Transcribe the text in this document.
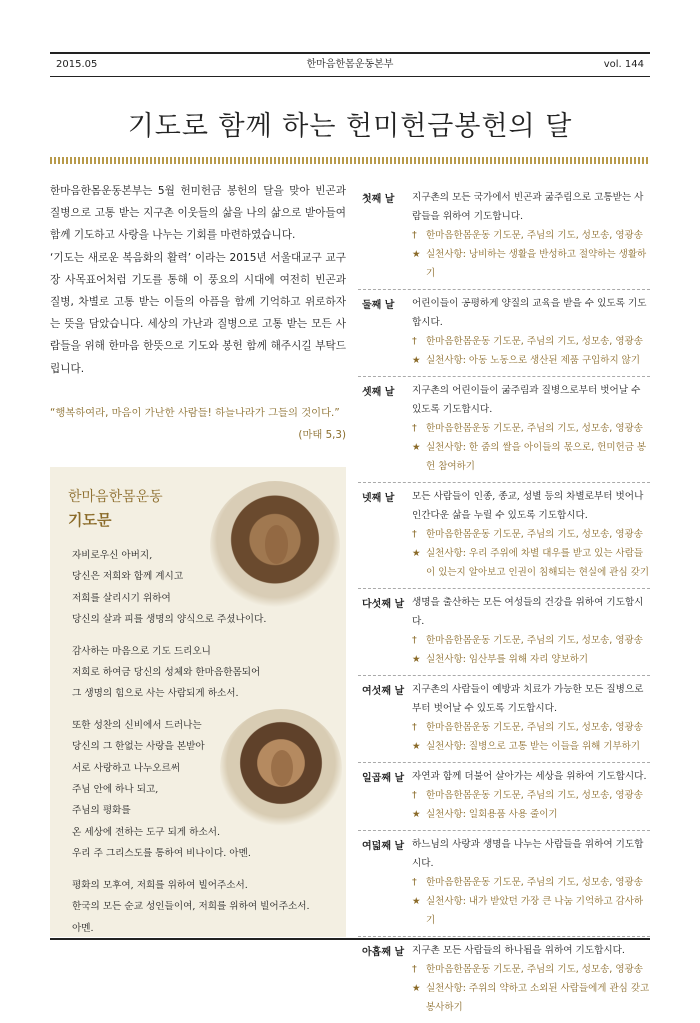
2015.05	한마음한몸운동본부	vol. 144
기도로 함께 하는 헌미헌금봉헌의 달

한마음한몸운동본부는 5월 헌미헌금 봉헌의 달을 맞아 빈곤과 질병으로 고통 받는 지구촌 이웃들의 삶을 나의 삶으로 받아들여 함께 기도하고 사랑을 나누는 기회를 마련하였습니다.

‘기도는 새로운 복음화의 활력’ 이라는 2015년 서울대교구 교구장 사목표어처럼 기도를 통해 이 풍요의 시대에 여전히 빈곤과 질병, 차별로 고통 받는 이들의 아픔을 함께 기억하고 위로하자는 뜻을 담았습니다. 세상의 가난과 질병으로 고통 받는 모든 사람들을 위해 한마음 한뜻으로 기도와 봉헌 함께 해주시길 부탁드립니다.

“행복하여라, 마음이 가난한 사람들! 하늘나라가 그들의 것이다.”

(마태 5,3)

한마음한몸운동
기도문
자비로우신 아버지,
당신은 저희와 함께 계시고
저희를 살리시기 위하여
당신의 살과 피를 생명의 양식으로 주셨나이다.
감사하는 마음으로 기도 드리오니
저희로 하여금 당신의 성체와 한마음한몸되어
그 생명의 힘으로 사는 사람되게 하소서.
또한 성찬의 신비에서 드러나는
당신의 그 한없는 사랑을 본받아
서로 사랑하고 나누오르써
주님 안에 하나 되고,
주님의 평화를
온 세상에 전하는 도구 되게 하소서.
우리 주 그리스도를 통하여 비나이다. 아멘.
평화의 모후여, 저희를 위하여 빌어주소서.
한국의 모든 순교 성인들이여, 저희를 위하여 빌어주소서.
아멘.
첫째 날 지구촌의 모든 국가에서 빈곤과 굶주림으로 고통받는 사람들을 위하여 기도합니다.

† 한마음한몸운동 기도문, 주님의 기도, 성모송, 영광송
★ 실천사항: 낭비하는 생활을 반성하고 절약하는 생활하기
둘째 날 어린이들이 공평하게 양질의 교육을 받을 수 있도록 기도합시다.

† 한마음한몸운동 기도문, 주님의 기도, 성모송, 영광송
★ 실천사항: 아동 노동으로 생산된 제품 구입하지 않기
셋째 날 지구촌의 어린이들이 굶주림과 질병으로부터 벗어날 수 있도록 기도합시다.

† 한마음한몸운동 기도문, 주님의 기도, 성모송, 영광송
★ 실천사항: 한 줌의 쌀을 아이들의 몫으로, 헌미헌금 봉헌 참여하기
넷째 날 모든 사람들이 인종, 종교, 성별 등의 차별로부터 벗어나 인간다운 삶을 누릴 수 있도록 기도합시다.

† 한마음한몸운동 기도문, 주님의 기도, 성모송, 영광송
★ 실천사항: 우리 주위에 차별 대우를 받고 있는 사람들이 있는지 알아보고 인권이 침해되는 현실에 관심 갖기
다섯째 날 생명을 출산하는 모든 여성들의 건강을 위하여 기도합시다.

† 한마음한몸운동 기도문, 주님의 기도, 성모송, 영광송
★ 실천사항: 임산부를 위해 자리 양보하기
여섯째 날 지구촌의 사람들이 예방과 치료가 가능한 모든 질병으로부터 벗어날 수 있도록 기도합시다.

† 한마음한몸운동 기도문, 주님의 기도, 성모송, 영광송
★ 실천사항: 질병으로 고통 받는 이들을 위해 기부하기
일곱째 날 자연과 함께 더불어 살아가는 세상을 위하여 기도합시다.

† 한마음한몸운동 기도문, 주님의 기도, 성모송, 영광송
★ 실천사항: 일회용품 사용 줄이기
여덟째 날 하느님의 사랑과 생명을 나누는 사람들을 위하여 기도합시다.

† 한마음한몸운동 기도문, 주님의 기도, 성모송, 영광송
★ 실천사항: 내가 받았던 가장 큰 나눔 기억하고 감사하기
아홉째 날 지구촌 모든 사람들의 하나됨을 위하여 기도합시다.

† 한마음한몸운동 기도문, 주님의 기도, 성모송, 영광송
★ 실천사항: 주위의 약하고 소외된 사람들에게 관심 갖고 봉사하기
